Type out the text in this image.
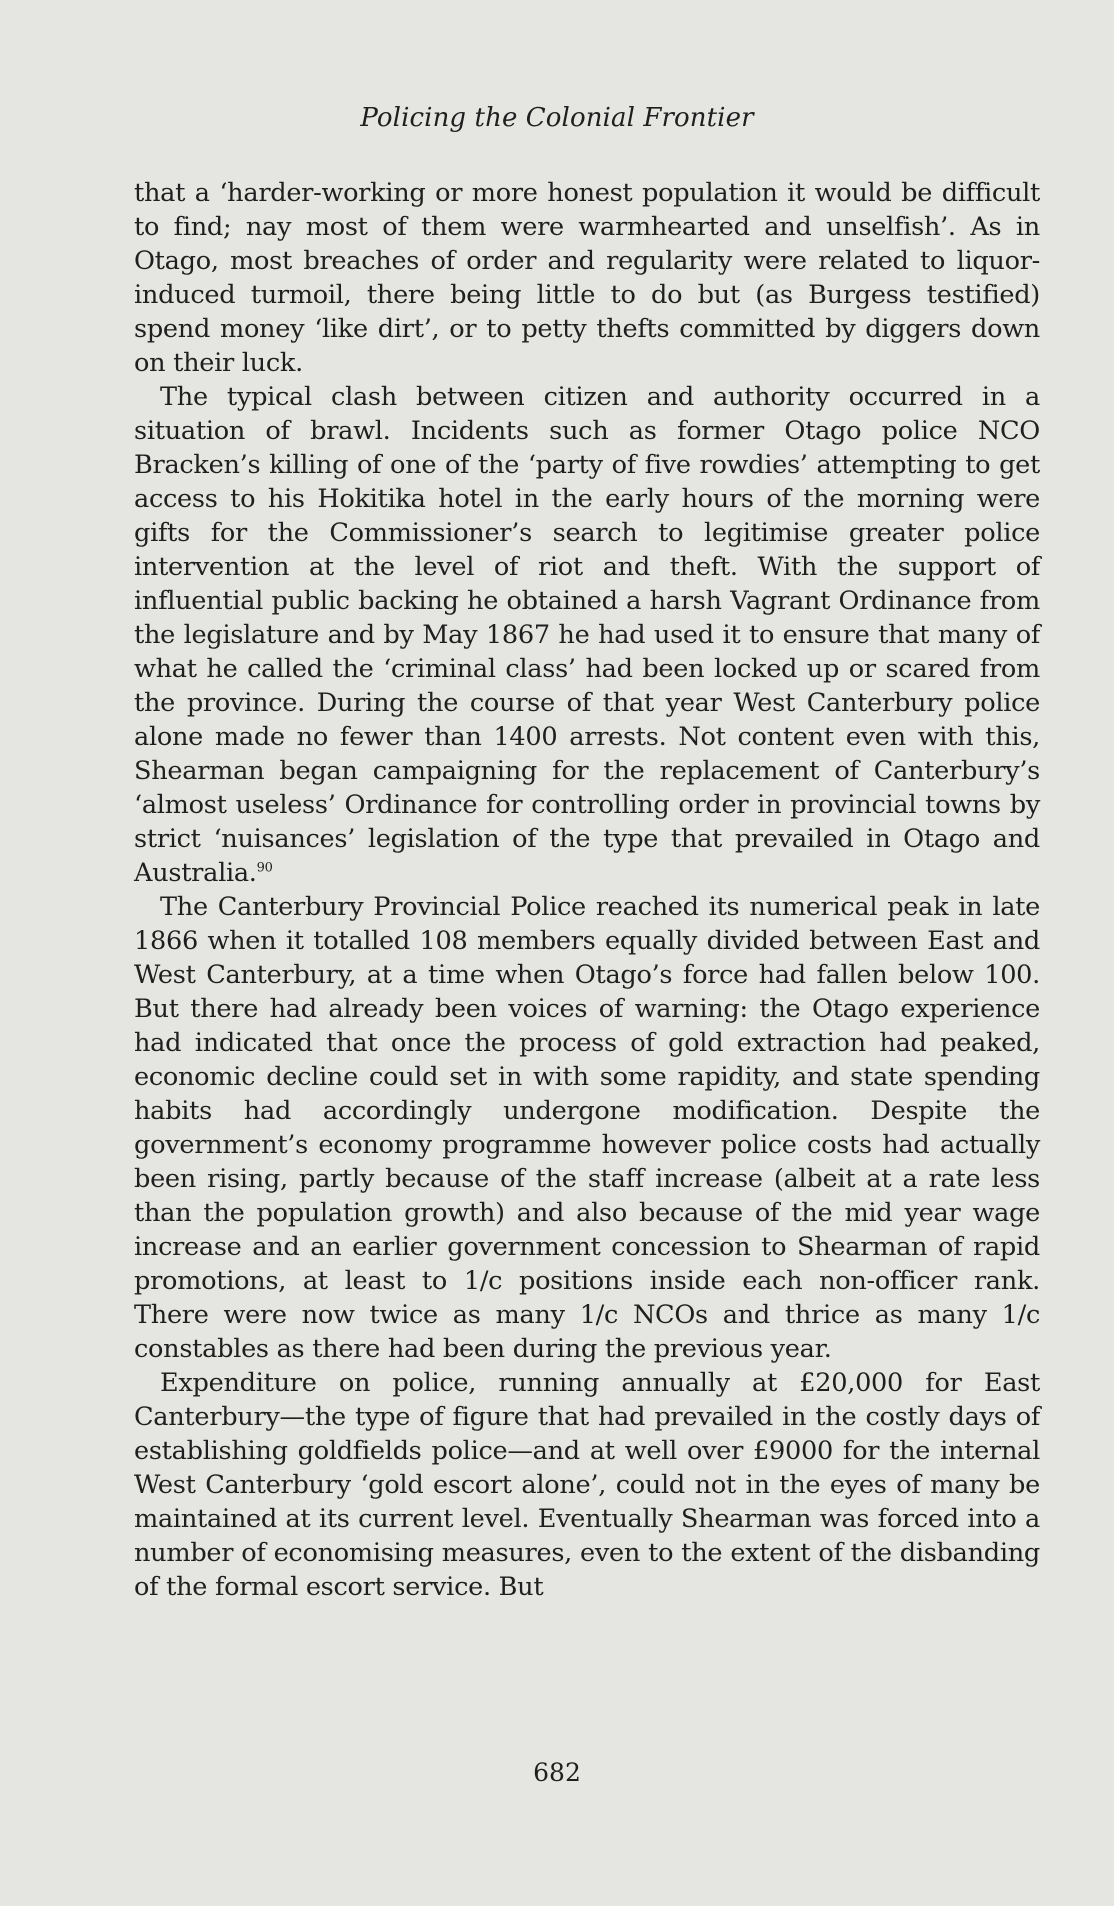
Policing the Colonial Frontier

that a ‘harder-working or more honest population it would be difficult to find; nay most of them were warmhearted and unselfish’. As in Otago, most breaches of order and regularity were related to liquor-induced turmoil, there being little to do but (as Burgess testified) spend money ‘like dirt’, or to petty thefts committed by diggers down on their luck.

The typical clash between citizen and authority occurred in a situation of brawl. Incidents such as former Otago police NCO Bracken’s killing of one of the ‘party of five rowdies’ attempting to get access to his Hokitika hotel in the early hours of the morning were gifts for the Commissioner’s search to legitimise greater police intervention at the level of riot and theft. With the support of influential public backing he obtained a harsh Vagrant Ordinance from the legislature and by May 1867 he had used it to ensure that many of what he called the ‘criminal class’ had been locked up or scared from the province. During the course of that year West Canterbury police alone made no fewer than 1400 arrests. Not content even with this, Shearman began campaigning for the replacement of Canterbury’s ‘almost useless’ Ordinance for controlling order in provincial towns by strict ‘nuisances’ legislation of the type that prevailed in Otago and Australia.$^{90}$

The Canterbury Provincial Police reached its numerical peak in late 1866 when it totalled 108 members equally divided between East and West Canterbury, at a time when Otago’s force had fallen below 100. But there had already been voices of warning: the Otago experience had indicated that once the process of gold extraction had peaked, economic decline could set in with some rapidity, and state spending habits had accordingly undergone modification. Despite the government’s economy programme however police costs had actually been rising, partly because of the staff increase (albeit at a rate less than the population growth) and also because of the mid year wage increase and an earlier government concession to Shearman of rapid promotions, at least to 1/c positions inside each non-officer rank. There were now twice as many 1/c NCOs and thrice as many 1/c constables as there had been during the previous year.

Expenditure on police, running annually at £20,000 for East Canterbury—the type of figure that had prevailed in the costly days of establishing goldfields police—and at well over £9000 for the internal West Canterbury ‘gold escort alone’, could not in the eyes of many be maintained at its current level. Eventually Shearman was forced into a number of economising measures, even to the extent of the disbanding of the formal escort service. But

682
